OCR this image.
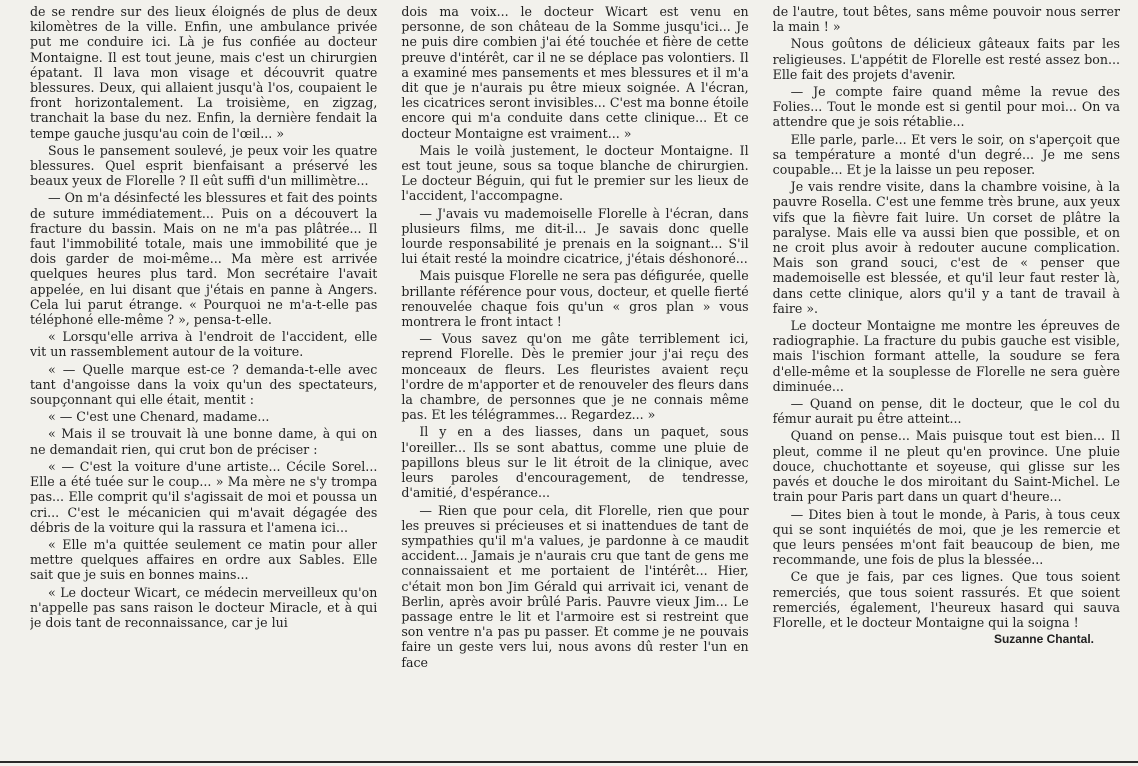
de se rendre sur des lieux éloignés de plus de deux kilomètres de la ville. Enfin, une ambulance privée put me conduire ici. Là je fus confiée au docteur Montaigne. Il est tout jeune, mais c'est un chirurgien épatant. Il lava mon visage et découvrit quatre blessures. Deux, qui allaient jusqu'à l'os, coupaient le front horizontalement. La troisième, en zigzag, tranchait la base du nez. Enfin, la dernière fendait la tempe gauche jusqu'au coin de l'œil... »

Sous le pansement soulevé, je peux voir les quatre blessures. Quel esprit bienfaisant a préservé les beaux yeux de Florelle ? Il eût suffi d'un millimètre...

— On m'a désinfecté les blessures et fait des points de suture immédiatement... Puis on a découvert la fracture du bassin. Mais on ne m'a pas plâtrée... Il faut l'immobilité totale, mais une immobilité que je dois garder de moi-même... Ma mère est arrivée quelques heures plus tard. Mon secrétaire l'avait appelée, en lui disant que j'étais en panne à Angers. Cela lui parut étrange. « Pourquoi ne m'a-t-elle pas téléphoné elle-même ? », pensa-t-elle.

« Lorsqu'elle arriva à l'endroit de l'accident, elle vit un rassemblement autour de la voiture.

« — Quelle marque est-ce ? demanda-t-elle avec tant d'angoisse dans la voix qu'un des spectateurs, soupçonnant qui elle était, mentit :

« — C'est une Chenard, madame...

« Mais il se trouvait là une bonne dame, à qui on ne demandait rien, qui crut bon de préciser :

« — C'est la voiture d'une artiste... Cécile Sorel... Elle a été tuée sur le coup... » Ma mère ne s'y trompa pas... Elle comprit qu'il s'agissait de moi et poussa un cri... C'est le mécanicien qui m'avait dégagée des débris de la voiture qui la rassura et l'amena ici...

« Elle m'a quittée seulement ce matin pour aller mettre quelques affaires en ordre aux Sables. Elle sait que je suis en bonnes mains...

« Le docteur Wicart, ce médecin merveilleux qu'on n'appelle pas sans raison le docteur Miracle, et à qui je dois tant de reconnaissance, car je lui

dois ma voix... le docteur Wicart est venu en personne, de son château de la Somme jusqu'ici... Je ne puis dire combien j'ai été touchée et fière de cette preuve d'intérêt, car il ne se déplace pas volontiers. Il a examiné mes pansements et mes blessures et il m'a dit que je n'aurais pu être mieux soignée. A l'écran, les cicatrices seront invisibles... C'est ma bonne étoile encore qui m'a conduite dans cette clinique... Et ce docteur Montaigne est vraiment... »

Mais le voilà justement, le docteur Montaigne. Il est tout jeune, sous sa toque blanche de chirurgien. Le docteur Béguin, qui fut le premier sur les lieux de l'accident, l'accompagne.

— J'avais vu mademoiselle Florelle à l'écran, dans plusieurs films, me dit-il... Je savais donc quelle lourde responsabilité je prenais en la soignant... S'il lui était resté la moindre cicatrice, j'étais déshonoré...

Mais puisque Florelle ne sera pas défigurée, quelle brillante référence pour vous, docteur, et quelle fierté renouvelée chaque fois qu'un « gros plan » vous montrera le front intact !

— Vous savez qu'on me gâte terriblement ici, reprend Florelle. Dès le premier jour j'ai reçu des monceaux de fleurs. Les fleuristes avaient reçu l'ordre de m'apporter et de renouveler des fleurs dans la chambre, de personnes que je ne connais même pas. Et les télégrammes... Regardez... »

Il y en a des liasses, dans un paquet, sous l'oreiller... Ils se sont abattus, comme une pluie de papillons bleus sur le lit étroit de la clinique, avec leurs paroles d'encouragement, de tendresse, d'amitié, d'espérance...

— Rien que pour cela, dit Florelle, rien que pour les preuves si précieuses et si inattendues de tant de sympathies qu'il m'a values, je pardonne à ce maudit accident... Jamais je n'aurais cru que tant de gens me connaissaient et me portaient de l'intérêt... Hier, c'était mon bon Jim Gérald qui arrivait ici, venant de Berlin, après avoir brûlé Paris. Pauvre vieux Jim... Le passage entre le lit et l'armoire est si restreint que son ventre n'a pas pu passer. Et comme je ne pouvais faire un geste vers lui, nous avons dû rester l'un en face

de l'autre, tout bêtes, sans même pouvoir nous serrer la main ! »

Nous goûtons de délicieux gâteaux faits par les religieuses. L'appétit de Florelle est resté assez bon... Elle fait des projets d'avenir.

— Je compte faire quand même la revue des Folies... Tout le monde est si gentil pour moi... On va attendre que je sois rétablie...

Elle parle, parle... Et vers le soir, on s'aperçoit que sa température a monté d'un degré... Je me sens coupable... Et je la laisse un peu reposer.

Je vais rendre visite, dans la chambre voisine, à la pauvre Rosella. C'est une femme très brune, aux yeux vifs que la fièvre fait luire. Un corset de plâtre la paralyse. Mais elle va aussi bien que possible, et on ne croit plus avoir à redouter aucune complication. Mais son grand souci, c'est de « penser que mademoiselle est blessée, et qu'il leur faut rester là, dans cette clinique, alors qu'il y a tant de travail à faire ».

Le docteur Montaigne me montre les épreuves de radiographie. La fracture du pubis gauche est visible, mais l'ischion formant attelle, la soudure se fera d'elle-même et la souplesse de Florelle ne sera guère diminuée...

— Quand on pense, dit le docteur, que le col du fémur aurait pu être atteint...

Quand on pense... Mais puisque tout est bien... Il pleut, comme il ne pleut qu'en province. Une pluie douce, chuchottante et soyeuse, qui glisse sur les pavés et douche le dos miroitant du Saint-Michel. Le train pour Paris part dans un quart d'heure...

— Dites bien à tout le monde, à Paris, à tous ceux qui se sont inquiétés de moi, que je les remercie et que leurs pensées m'ont fait beaucoup de bien, me recommande, une fois de plus la blessée...

Ce que je fais, par ces lignes. Que tous soient remerciés, que tous soient rassurés. Et que soient remerciés, également, l'heureux hasard qui sauva Florelle, et le docteur Montaigne qui la soigna !

Suzanne Chantal.
